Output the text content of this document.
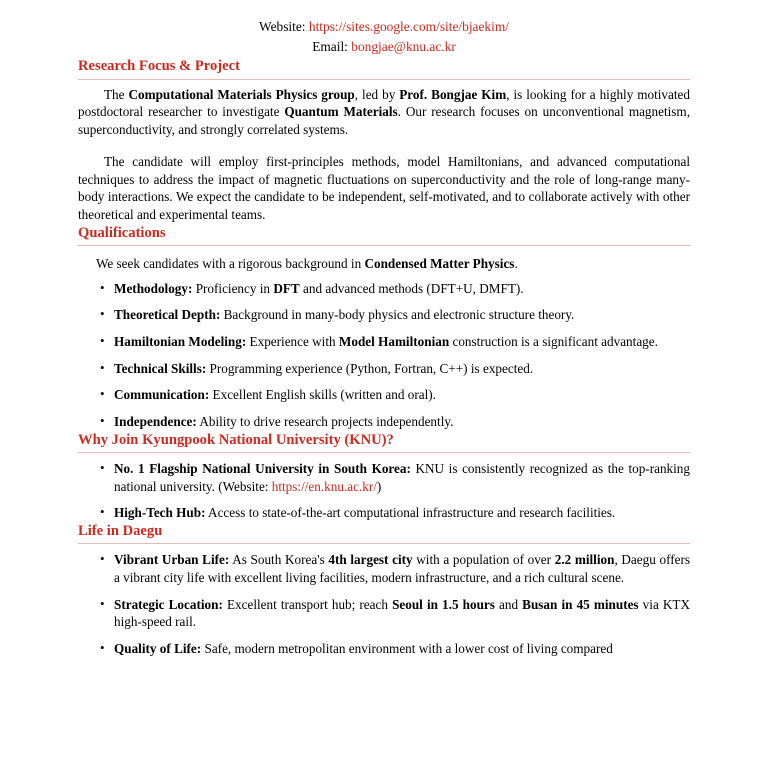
Website: https://sites.google.com/site/bjaekim/
Email: bongjae@knu.ac.kr
Research Focus & Project

The Computational Materials Physics group, led by Prof. Bongjae Kim, is looking for a highly motivated postdoctoral researcher to investigate Quantum Materials. Our research focuses on unconventional magnetism, superconductivity, and strongly correlated systems.

The candidate will employ first-principles methods, model Hamiltonians, and advanced computational techniques to address the impact of magnetic fluctuations on superconductivity and the role of long-range many-body interactions. We expect the candidate to be independent, self-motivated, and to collaborate actively with other theoretical and experimental teams.

Qualifications
We seek candidates with a rigorous background in Condensed Matter Physics.
• Methodology: Proficiency in DFT and advanced methods (DFT+U, DMFT).
• Theoretical Depth: Background in many-body physics and electronic structure theory.
• Hamiltonian Modeling: Experience with Model Hamiltonian construction is a significant advantage.
• Technical Skills: Programming experience (Python, Fortran, C++) is expected.
• Communication: Excellent English skills (written and oral).
• Independence: Ability to drive research projects independently.
Why Join Kyungpook National University (KNU)?
• No. 1 Flagship National University in South Korea: KNU is consistently recognized as the top-ranking national university. (Website: https://en.knu.ac.kr/)
• High-Tech Hub: Access to state-of-the-art computational infrastructure and research facilities.
Life in Daegu
• Vibrant Urban Life: As South Korea's 4th largest city with a population of over 2.2 million, Daegu offers a vibrant city life with excellent living facilities, modern infrastructure, and a rich cultural scene.
• Strategic Location: Excellent transport hub; reach Seoul in 1.5 hours and Busan in 45 minutes via KTX high-speed rail.
• Quality of Life: Safe, modern metropolitan environment with a lower cost of living compared
